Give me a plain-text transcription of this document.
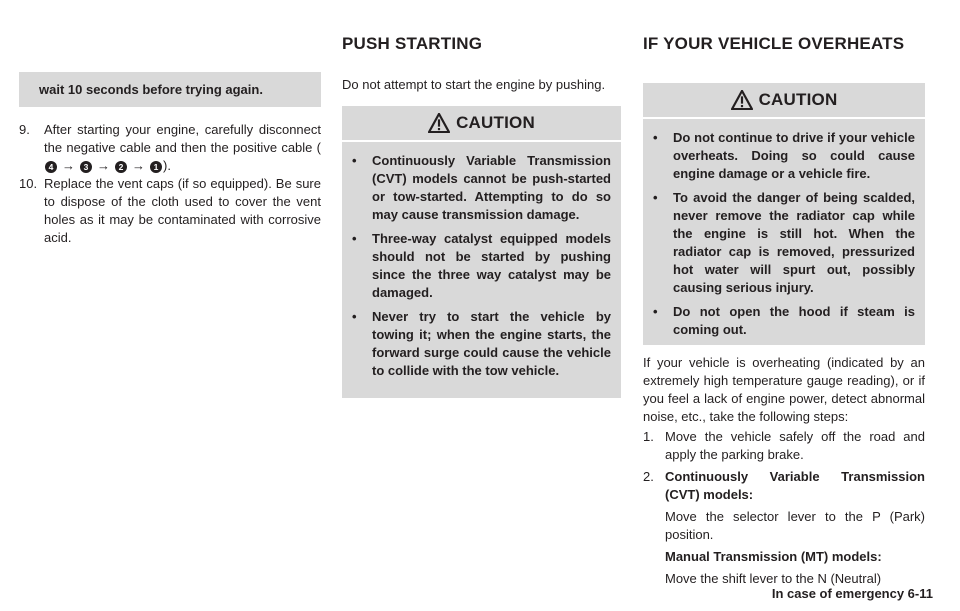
wait 10 seconds before trying again.
9. After starting your engine, carefully disconnect the negative cable and then the positive cable (4 → 3 → 2 → 1 ).
10. Replace the vent caps (if so equipped). Be sure to dispose of the cloth used to cover the vent holes as it may be contaminated with corrosive acid.
PUSH STARTING

Do not attempt to start the engine by pushing.

CAUTION
• Continuously Variable Transmission (CVT) models cannot be push-started or tow-started. Attempting to do so may cause transmission damage.
• Three-way catalyst equipped models should not be started by pushing since the three way catalyst may be damaged.
• Never try to start the vehicle by towing it; when the engine starts, the forward surge could cause the vehicle to collide with the tow vehicle.
IF YOUR VEHICLE OVERHEATS
CAUTION
• Do not continue to drive if your vehicle overheats. Doing so could cause engine damage or a vehicle fire.
• To avoid the danger of being scalded, never remove the radiator cap while the engine is still hot. When the radiator cap is removed, pressurized hot water will spurt out, possibly causing serious injury.
• Do not open the hood if steam is coming out.

If your vehicle is overheating (indicated by an extremely high temperature gauge reading), or if you feel a lack of engine power, detect abnormal noise, etc., take the following steps:

1. Move the vehicle safely off the road and apply the parking brake.
2. Continuously Variable Transmission (CVT) models:
Move the selector lever to the P (Park) position.
Manual Transmission (MT) models:
Move the shift lever to the N (Neutral)
In case of emergency 6-11
